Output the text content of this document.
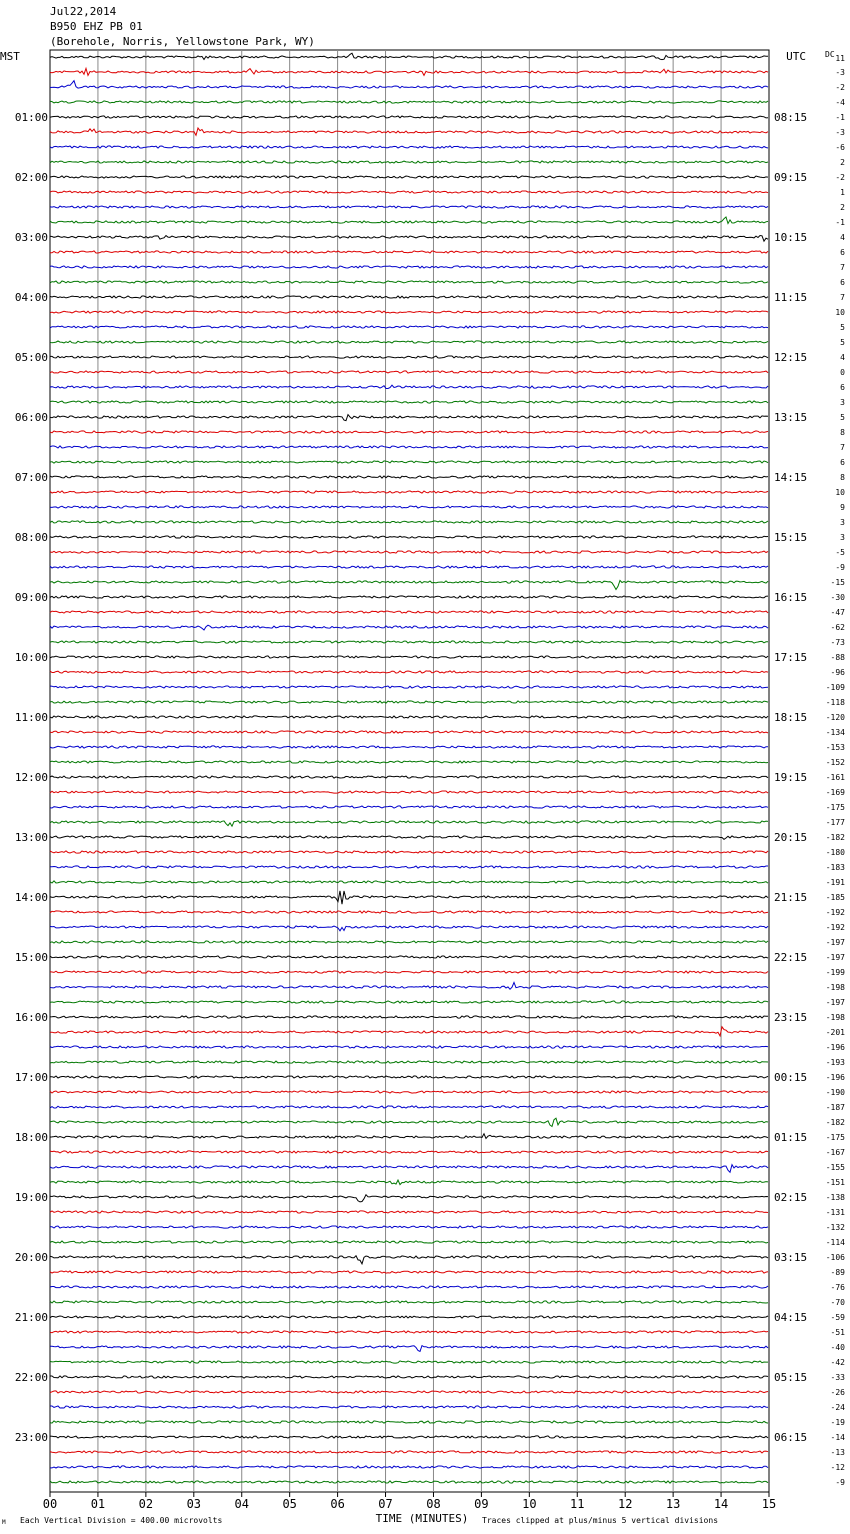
Jul22,2014
B950 EHZ PB 01
(Borehole, Norris, Yellowstone Park, WY)
00	01	02	03	04	05	06	07	08	09	10	11	12	13	14	15
MST	UTC
01:00
02:00
03:00
04:00
05:00
06:00
07:00
08:00
09:00
10:00
11:00
12:00
13:00
14:00
15:00
16:00
17:00
18:00
19:00
20:00
21:00
22:00
23:00
08:15
09:15
10:15
11:15
12:15
13:15
14:15
15:15
16:15
17:15
18:15
19:15
20:15
21:15
22:15
23:15
00:15
01:15
02:15
03:15
04:15
05:15
06:15
DC 11
-3
-2
-4
-1
-3
-6
2
-2
1
2
-1
4
6
7
6
7
10
5
5
4
0
6
3
5
8
7
6
8
10
9
3
3
-5
-9
-15
-30
-47
-62
-73
-88
-96
-109
-118
-120
-134
-153
-152
-161
-169
-175
-177
-182
-180
-183
-191
-185
-192
-192
-197
-197
-199
-198
-197
-198
-201
-196
-193
-196
-190
-187
-182
-175
-167
-155
-151
-138
-131
-132
-114
-106
-89
-76
-70
-59
-51
-40
-42
-33
-26
-24
-19
-14
-13
-12
-9
TIME (MINUTES)
M Each Vertical Division = 400.00 microvolts	Traces clipped at plus/minus 5 vertical divisions
